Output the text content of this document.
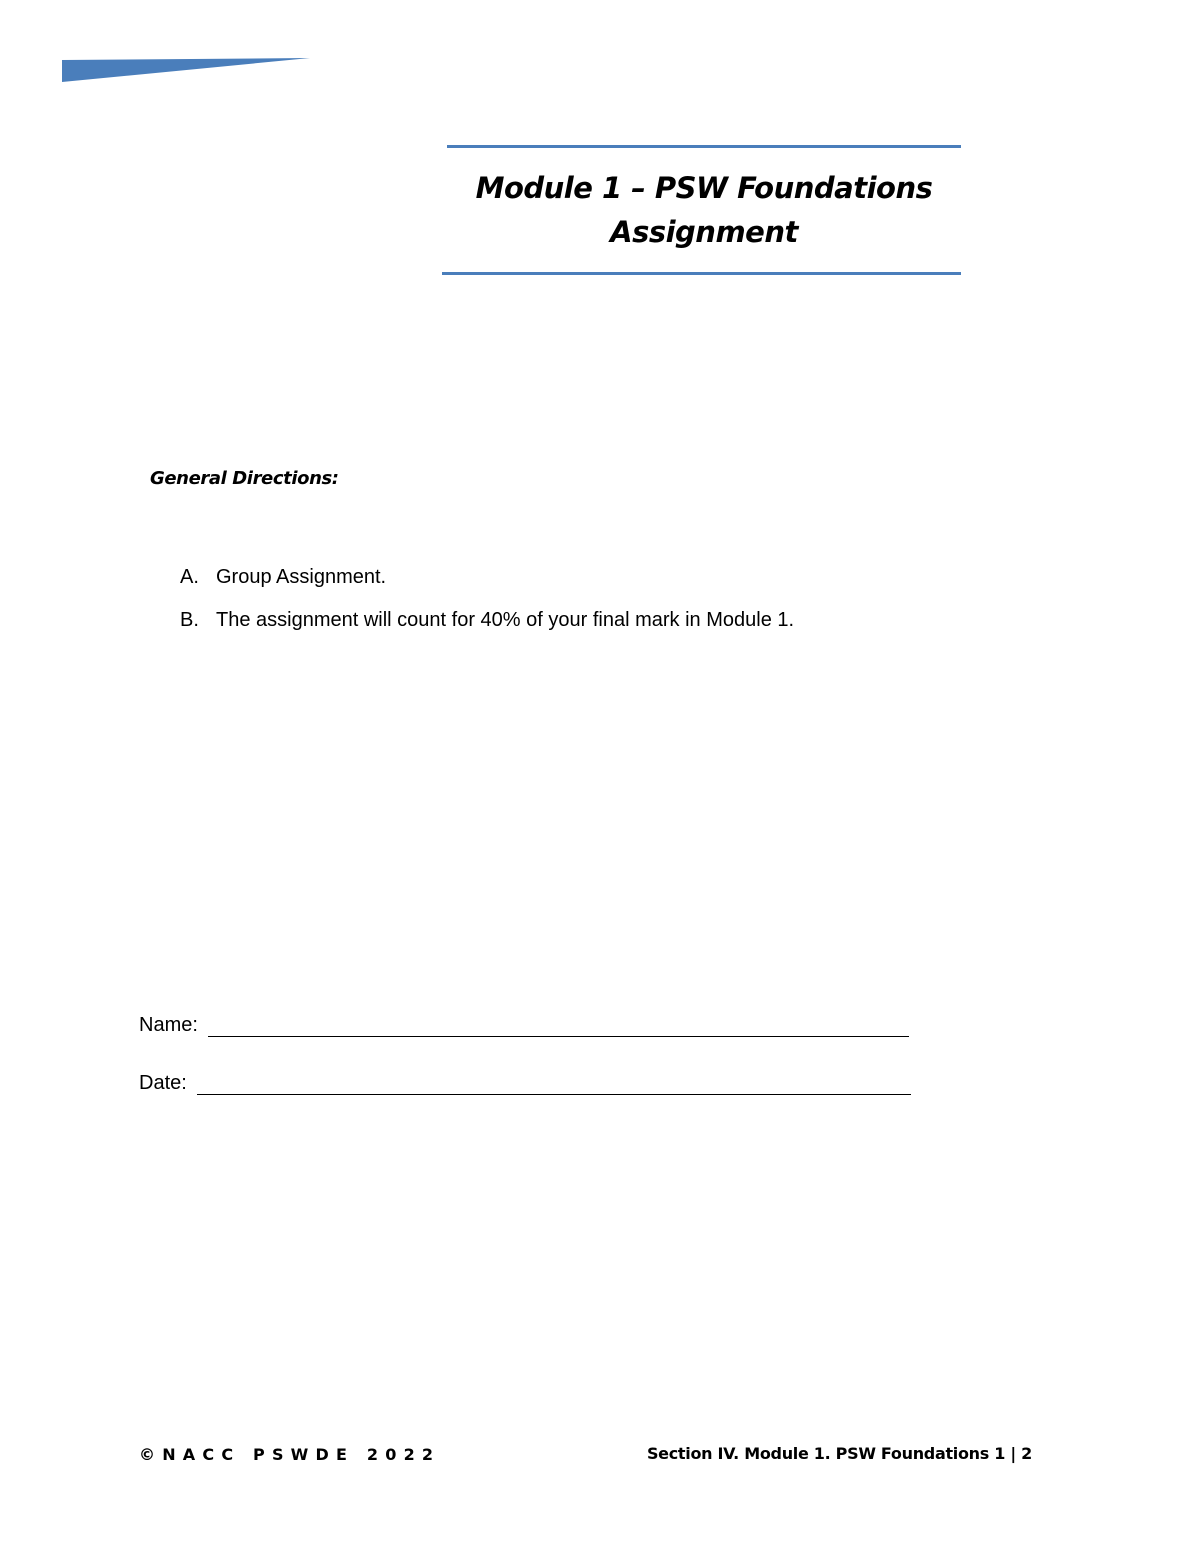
Module 1 – PSW Foundations
Assignment
General Directions:
A. Group Assignment.
B. The assignment will count for 40% of your final mark in Module 1.
Name:
Date:
©NACC PSWDE 2022	Section IV. Module 1. PSW Foundations 1 | 2
